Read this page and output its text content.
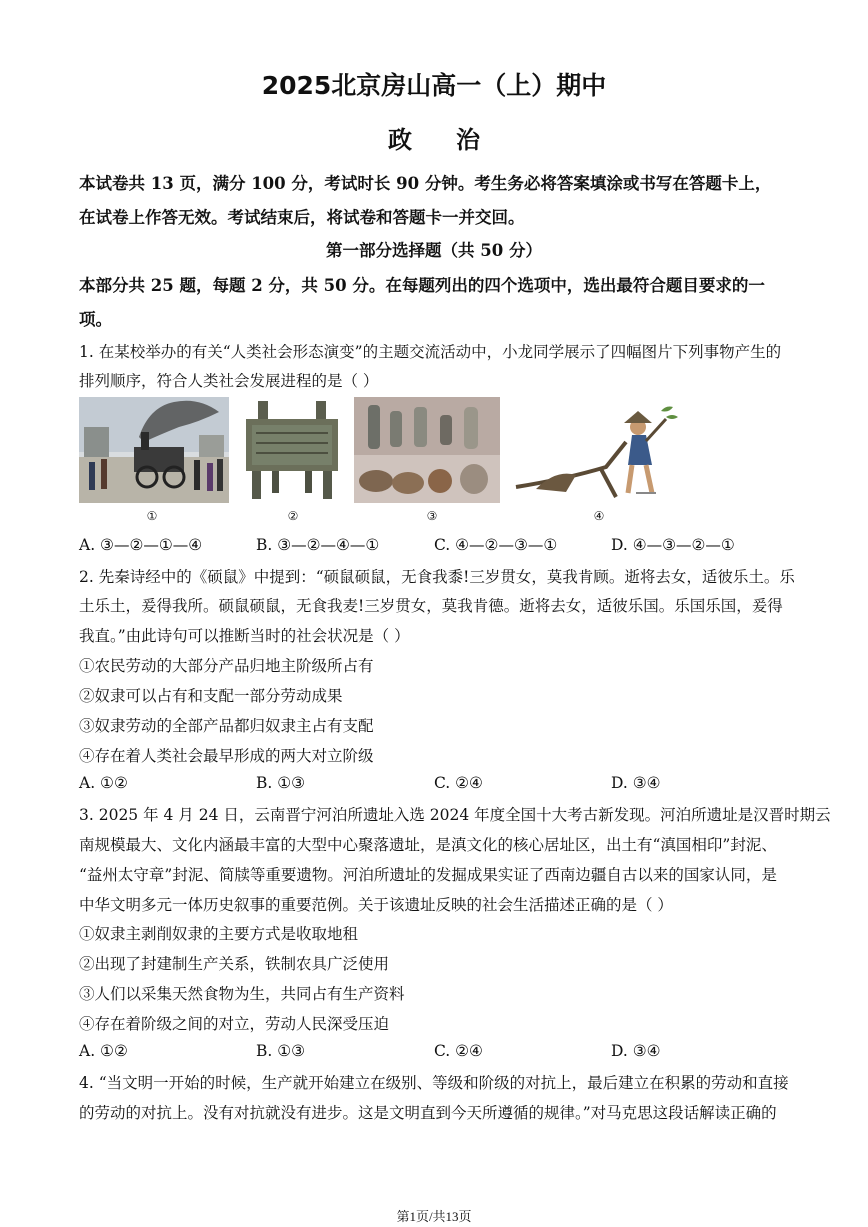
2025北京房山高一（上）期中
政治
本试卷共 13 页，满分 100 分，考试时长 90 分钟。考生务必将答案填涂或书写在答题卡上，
在试卷上作答无效。考试结束后，将试卷和答题卡一并交回。
第一部分选择题（共 50 分）
本部分共 25 题，每题 2 分，共 50 分。在每题列出的四个选项中，选出最符合题目要求的一
项。
1. 在某校举办的有关“人类社会形态演变”的主题交流活动中，小龙同学展示了四幅图片下列事物产生的
排列顺序，符合人类社会发展进程的是（ ）
①	②	③	④
A. ③—②—①—④	B. ③—②—④—①	C. ④—②—③—①	D. ④—③—②—①
2. 先秦诗经中的《硕鼠》中提到：“硕鼠硕鼠，无食我黍!三岁贯女，莫我肯顾。逝将去女，适彼乐土。乐
土乐土，爰得我所。硕鼠硕鼠，无食我麦!三岁贯女，莫我肯德。逝将去女，适彼乐国。乐国乐国，爰得
我直。”由此诗句可以推断当时的社会状况是（ ）
①农民劳动的大部分产品归地主阶级所占有
②奴隶可以占有和支配一部分劳动成果
③奴隶劳动的全部产品都归奴隶主占有支配
④存在着人类社会最早形成的两大对立阶级
A. ①②	B. ①③	C. ②④	D. ③④
3. 2025 年 4 月 24 日，云南晋宁河泊所遗址入选 2024 年度全国十大考古新发现。河泊所遗址是汉晋时期云
南规模最大、文化内涵最丰富的大型中心聚落遗址，是滇文化的核心居址区，出土有“滇国相印”封泥、
“益州太守章”封泥、简牍等重要遗物。河泊所遗址的发掘成果实证了西南边疆自古以来的国家认同，是
中华文明多元一体历史叙事的重要范例。关于该遗址反映的社会生活描述正确的是（ ）
①奴隶主剥削奴隶的主要方式是收取地租
②出现了封建制生产关系，铁制农具广泛使用
③人们以采集天然食物为生，共同占有生产资料
④存在着阶级之间的对立，劳动人民深受压迫
A. ①②	B. ①③	C. ②④	D. ③④
4. “当文明一开始的时候，生产就开始建立在级别、等级和阶级的对抗上，最后建立在积累的劳动和直接
的劳动的对抗上。没有对抗就没有进步。这是文明直到今天所遵循的规律。”对马克思这段话解读正确的
第1页/共13页
